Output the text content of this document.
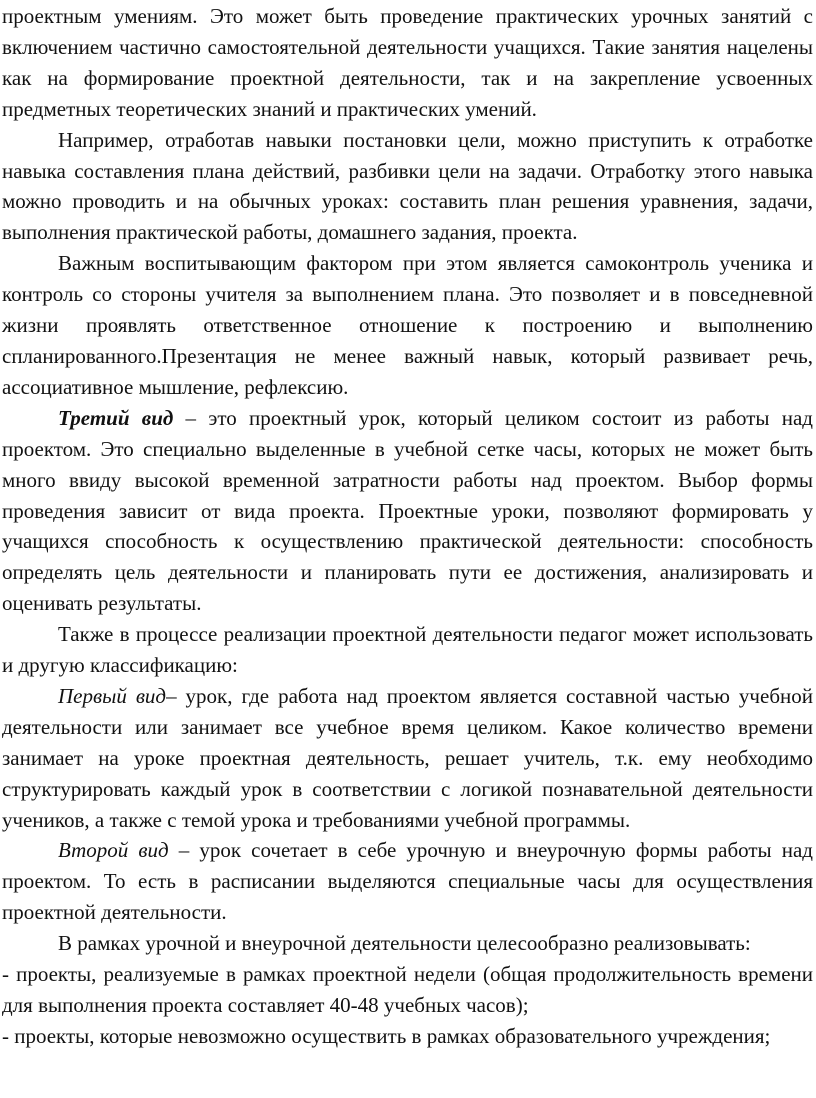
проектным умениям. Это может быть проведение практических урочных занятий с включением частично самостоятельной деятельности учащихся. Такие занятия нацелены как на формирование проектной деятельности, так и на закрепление усвоенных предметных теоретических знаний и практических умений.

Например, отработав навыки постановки цели, можно приступить к отработке навыка составления плана действий, разбивки цели на задачи. Отработку этого навыка можно проводить и на обычных уроках: составить план решения уравнения, задачи, выполнения практической работы, домашнего задания, проекта.

Важным воспитывающим фактором при этом является самоконтроль ученика и контроль со стороны учителя за выполнением плана. Это позволяет и в повседневной жизни проявлять ответственное отношение к построению и выполнению спланированного.Презентация не менее важный навык, который развивает речь, ассоциативное мышление, рефлексию.

Третий вид – это проектный урок, который целиком состоит из работы над проектом. Это специально выделенные в учебной сетке часы, которых не может быть много ввиду высокой временной затратности работы над проектом. Выбор формы проведения зависит от вида проекта. Проектные уроки, позволяют формировать у учащихся способность к осуществлению практической деятельности: способность определять цель деятельности и планировать пути ее достижения, анализировать и оценивать результаты.

Также в процессе реализации проектной деятельности педагог может использовать и другую классификацию:

Первый вид– урок, где работа над проектом является составной частью учебной деятельности или занимает все учебное время целиком. Какое количество времени занимает на уроке проектная деятельность, решает учитель, т.к. ему необходимо структурировать каждый урок в соответствии с логикой познавательной деятельности учеников, а также с темой урока и требованиями учебной программы.

Второй вид – урок сочетает в себе урочную и внеурочную формы работы над проектом. То есть в расписании выделяются специальные часы для осуществления проектной деятельности.

В рамках урочной и внеурочной деятельности целесообразно реализовывать:

- проекты, реализуемые в рамках проектной недели (общая продолжительность времени для выполнения проекта составляет 40-48 учебных часов);

- проекты, которые невозможно осуществить в рамках образовательного учреждения;
